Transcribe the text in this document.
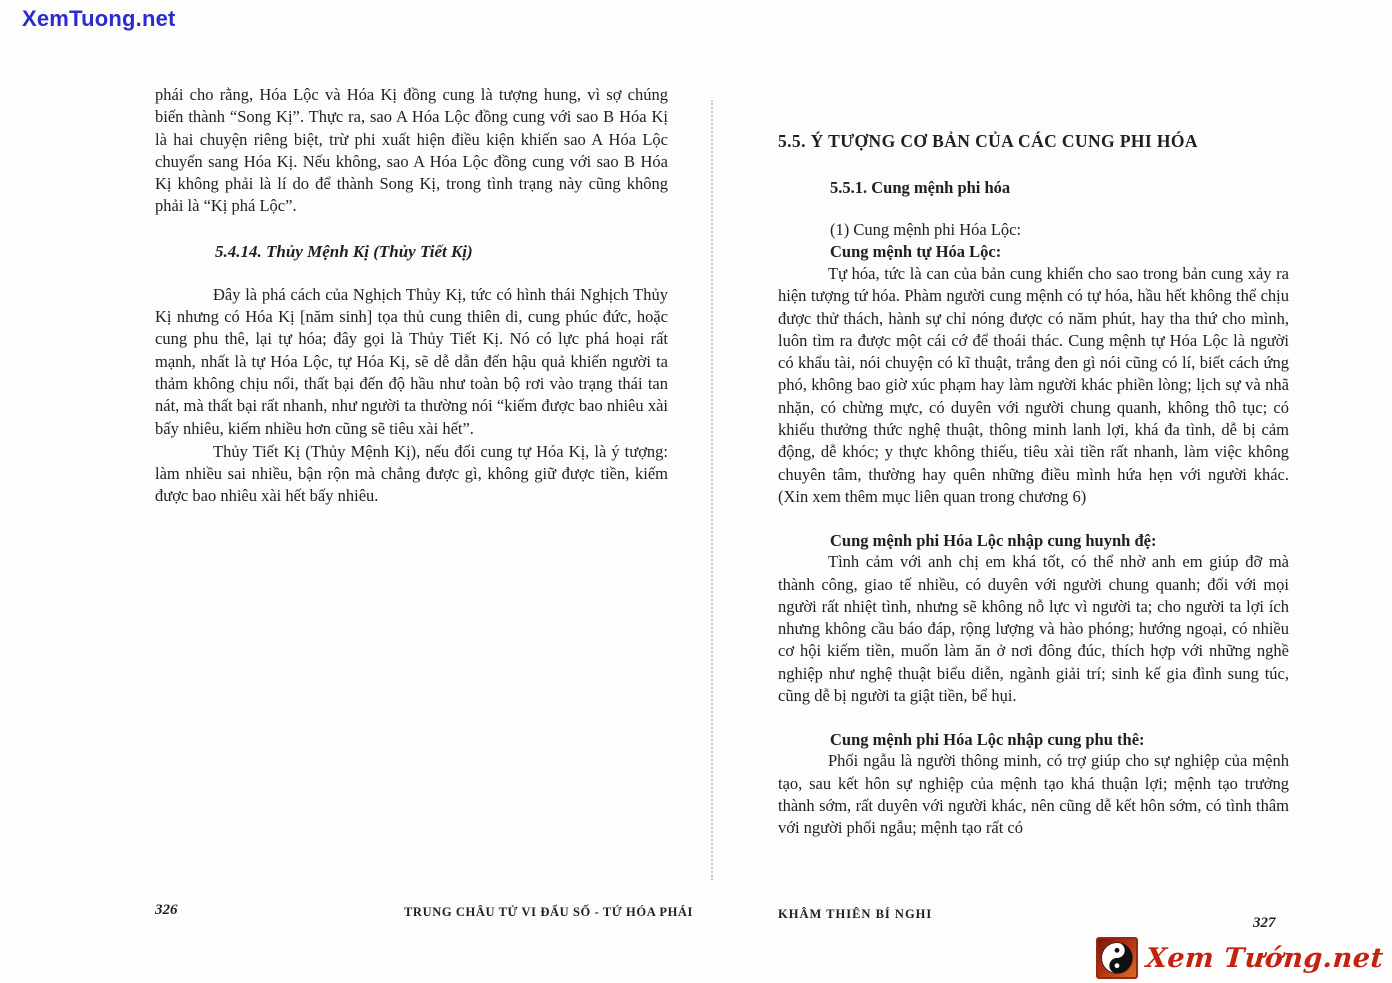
XemTuong.net

phái cho rằng, Hóa Lộc và Hóa Kị đồng cung là tượng hung, vì sợ chúng biến thành “Song Kị”. Thực ra, sao A Hóa Lộc đồng cung với sao B Hóa Kị là hai chuyện riêng biệt, trừ phi xuất hiện điều kiện khiến sao A Hóa Lộc chuyển sang Hóa Kị. Nếu không, sao A Hóa Lộc đồng cung với sao B Hóa Kị không phải là lí do để thành Song Kị, trong tình trạng này cũng không phải là “Kị phá Lộc”.

5.4.14. Thủy Mệnh Kị (Thủy Tiết Kị)

Đây là phá cách của Nghịch Thủy Kị, tức có hình thái Nghịch Thủy Kị nhưng có Hóa Kị [năm sinh] tọa thủ cung thiên di, cung phúc đức, hoặc cung phu thê, lại tự hóa; đây gọi là Thủy Tiết Kị. Nó có lực phá hoại rất mạnh, nhất là tự Hóa Lộc, tự Hóa Kị, sẽ dễ dẫn đến hậu quả khiến người ta thảm không chịu nổi, thất bại đến độ hầu như toàn bộ rơi vào trạng thái tan nát, mà thất bại rất nhanh, như người ta thường nói “kiếm được bao nhiêu xài bấy nhiêu, kiếm nhiều hơn cũng sẽ tiêu xài hết”.

Thủy Tiết Kị (Thủy Mệnh Kị), nếu đối cung tự Hóa Kị, là ý tượng: làm nhiều sai nhiều, bận rộn mà chẳng được gì, không giữ được tiền, kiếm được bao nhiêu xài hết bấy nhiêu.

326	TRUNG CHÂU TỬ VI ĐẨU SỐ - TỨ HÓA PHÁI
5.5. Ý TƯỢNG CƠ BẢN CỦA CÁC CUNG PHI HÓA
5.5.1. Cung mệnh phi hóa

(1) Cung mệnh phi Hóa Lộc:

Cung mệnh tự Hóa Lộc:

Tự hóa, tức là can của bản cung khiến cho sao trong bản cung xảy ra hiện tượng tứ hóa. Phàm người cung mệnh có tự hóa, hầu hết không thể chịu được thử thách, hành sự chỉ nóng được có năm phút, hay tha thứ cho mình, luôn tìm ra được một cái cớ để thoái thác. Cung mệnh tự Hóa Lộc là người có khẩu tài, nói chuyện có kĩ thuật, trắng đen gì nói cũng có lí, biết cách ứng phó, không bao giờ xúc phạm hay làm người khác phiền lòng; lịch sự và nhã nhặn, có chừng mực, có duyên với người chung quanh, không thô tục; có khiếu thưởng thức nghệ thuật, thông minh lanh lợi, khá đa tình, dễ bị cảm động, dễ khóc; y thực không thiếu, tiêu xài tiền rất nhanh, làm việc không chuyên tâm, thường hay quên những điều mình hứa hẹn với người khác. (Xin xem thêm mục liên quan trong chương 6)

Cung mệnh phi Hóa Lộc nhập cung huynh đệ:

Tình cảm với anh chị em khá tốt, có thể nhờ anh em giúp đỡ mà thành công, giao tế nhiều, có duyên với người chung quanh; đối với mọi người rất nhiệt tình, nhưng sẽ không nỗ lực vì người ta; cho người ta lợi ích nhưng không cầu báo đáp, rộng lượng và hào phóng; hướng ngoại, có nhiều cơ hội kiếm tiền, muốn làm ăn ở nơi đông đúc, thích hợp với những nghề nghiệp như nghệ thuật biểu diễn, ngành giải trí; sinh kế gia đình sung túc, cũng dễ bị người ta giật tiền, bể hụi.

Cung mệnh phi Hóa Lộc nhập cung phu thê:

Phối ngẫu là người thông minh, có trợ giúp cho sự nghiệp của mệnh tạo, sau kết hôn sự nghiệp của mệnh tạo khá thuận lợi; mệnh tạo trưởng thành sớm, rất duyên với người khác, nên cũng dễ kết hôn sớm, có tình thâm với người phối ngẫu; mệnh tạo rất có

KHÂM THIÊN BÍ NGHI
327
Xem Tướng.net
